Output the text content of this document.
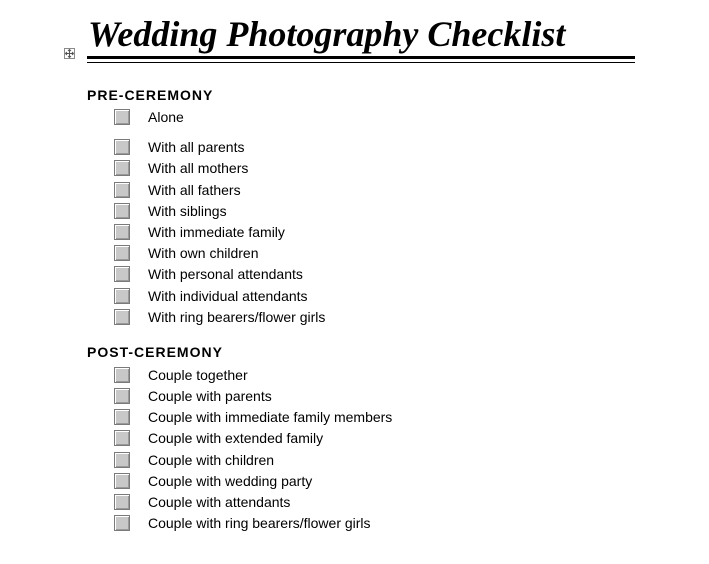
Wedding Photography Checklist
PRE-CEREMONY
Alone
With all parents
With all mothers
With all fathers
With siblings
With immediate family
With own children
With personal attendants
With individual attendants
With ring bearers/flower girls
POST-CEREMONY
Couple together
Couple with parents
Couple with immediate family members
Couple with extended family
Couple with children
Couple with wedding party
Couple with attendants
Couple with ring bearers/flower girls
